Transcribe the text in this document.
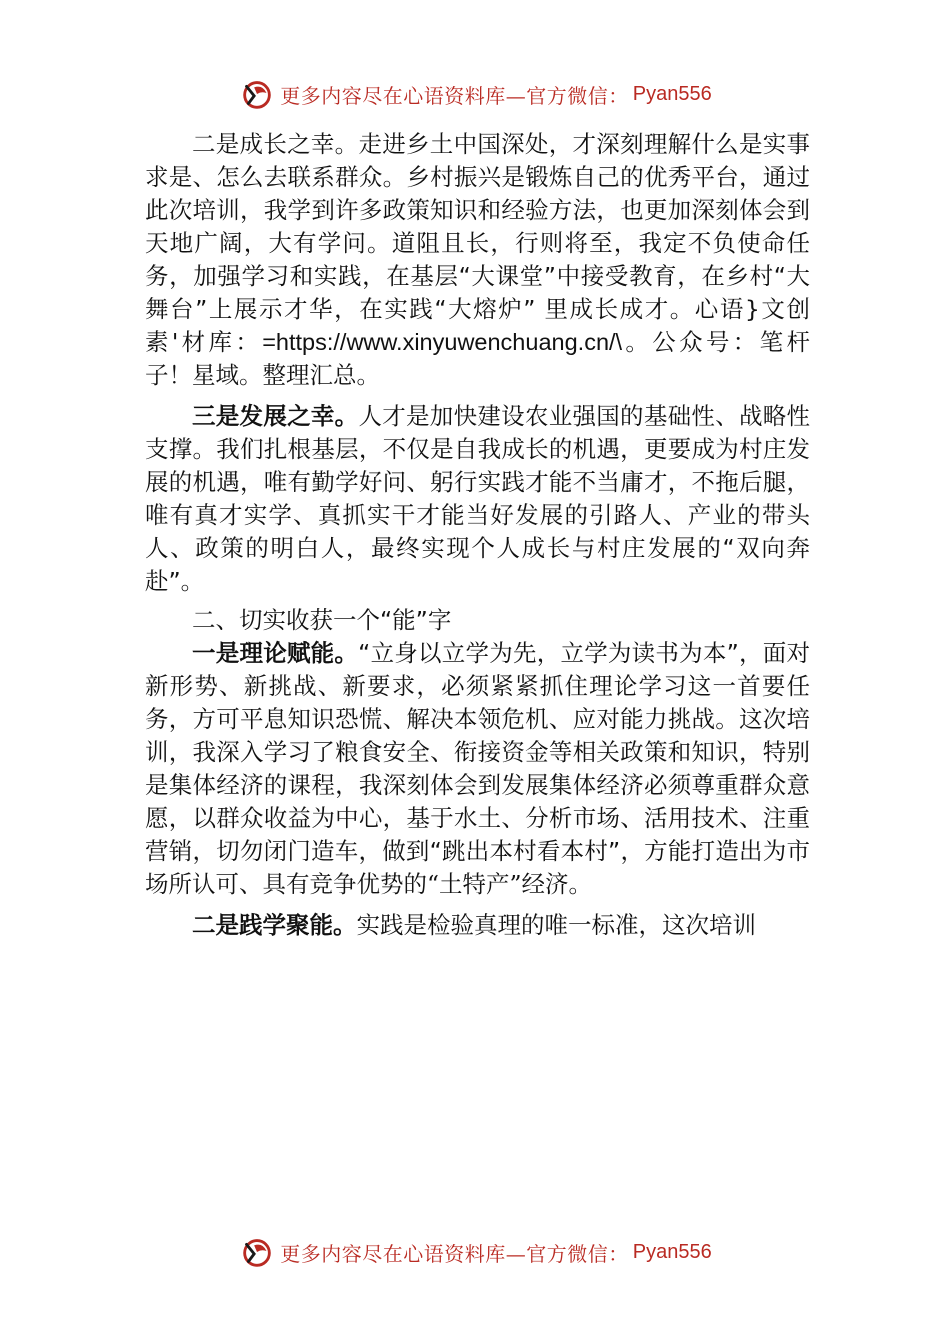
更多内容尽在心语资料库—官方微信： Pyan556

二是成长之幸。走进乡土中国深处，才深刻理解什么是实事求是、怎么去联系群众。乡村振兴是锻炼自己的优秀平台，通过此次培训，我学到许多政策知识和经验方法，也更加深刻体会到天地广阔，大有学问。道阻且长，行则将至，我定不负使命任务，加强学习和实践，在基层“大课堂”中接受教育，在乡村“大舞台”上展示才华，在实践“大熔炉” 里成长成才。心语}文创素'材库：=https://www.xinyuwenchuang.cn/\。公众号：笔杆子！星域。整理汇总。

三是发展之幸。人才是加快建设农业强国的基础性、战略性支撑。我们扎根基层，不仅是自我成长的机遇，更要成为村庄发展的机遇，唯有勤学好问、躬行实践才能不当庸才，不拖后腿，唯有真才实学、真抓实干才能当好发展的引路人、产业的带头人、政策的明白人，最终实现个人成长与村庄发展的“双向奔赴”。

二、切实收获一个“能”字

一是理论赋能。“立身以立学为先，立学为读书为本”，面对新形势、新挑战、新要求，必须紧紧抓住理论学习这一首要任务，方可平息知识恐慌、解决本领危机、应对能力挑战。这次培训，我深入学习了粮食安全、衔接资金等相关政策和知识，特别是集体经济的课程，我深刻体会到发展集体经济必须尊重群众意愿，以群众收益为中心，基于水土、分析市场、活用技术、注重营销，切勿闭门造车，做到“跳出本村看本村”，方能打造出为市场所认可、具有竞争优势的“土特产”经济。

二是践学聚能。实践是检验真理的唯一标准，这次培训

更多内容尽在心语资料库—官方微信： Pyan556
